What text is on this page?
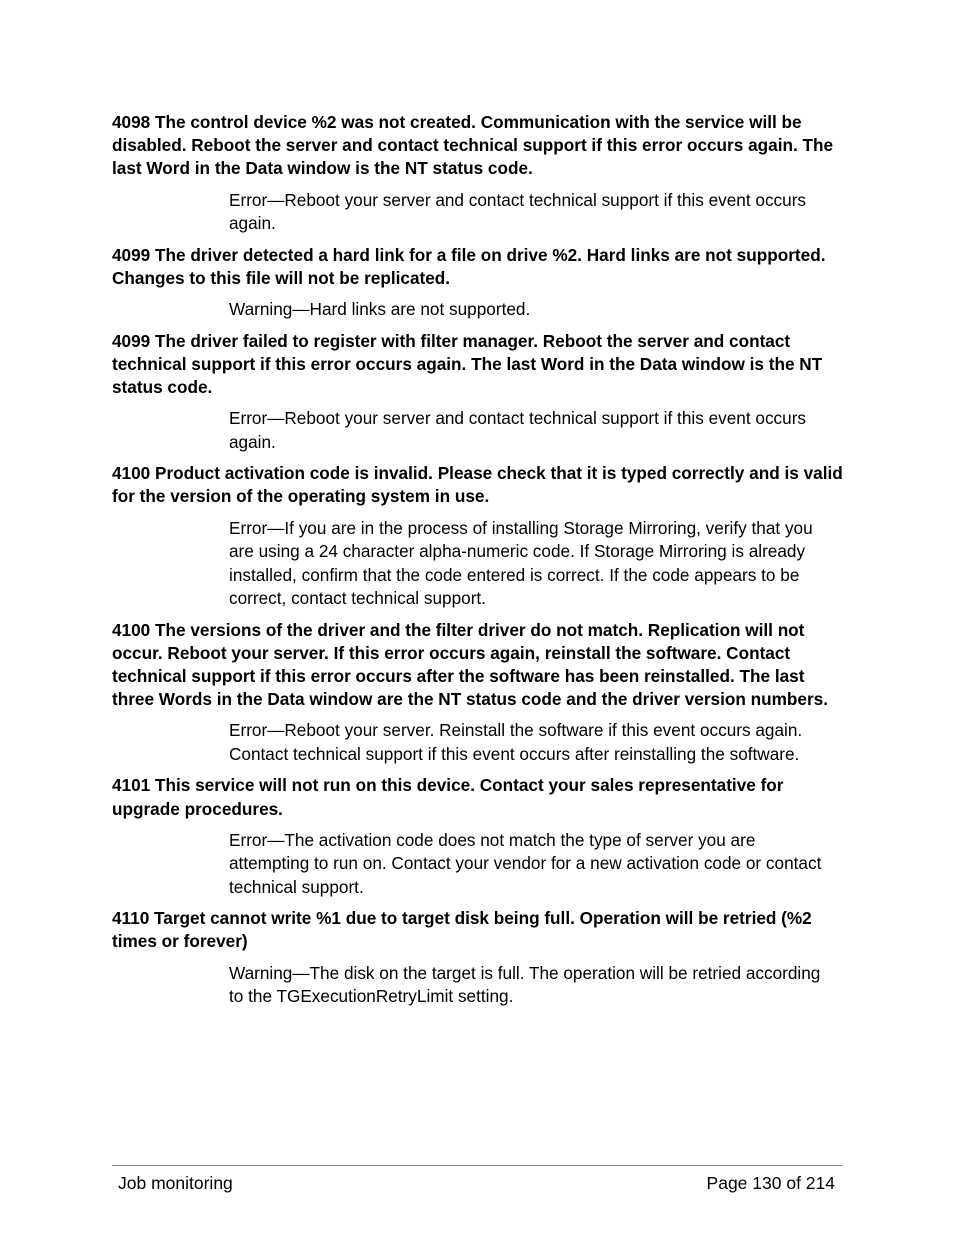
4098 The control device %2 was not created. Communication with the service will be disabled. Reboot the server and contact technical support if this error occurs again. The last Word in the Data window is the NT status code.

Error—Reboot your server and contact technical support if this event occurs again.

4099 The driver detected a hard link for a file on drive %2. Hard links are not supported. Changes to this file will not be replicated.

Warning—Hard links are not supported.

4099 The driver failed to register with filter manager. Reboot the server and contact technical support if this error occurs again. The last Word in the Data window is the NT status code.

Error—Reboot your server and contact technical support if this event occurs again.

4100 Product activation code is invalid. Please check that it is typed correctly and is valid for the version of the operating system in use.

Error—If you are in the process of installing Storage Mirroring, verify that you are using a 24 character alpha-numeric code. If Storage Mirroring is already installed, confirm that the code entered is correct. If the code appears to be correct, contact technical support.

4100 The versions of the driver and the filter driver do not match. Replication will not occur. Reboot your server. If this error occurs again, reinstall the software. Contact technical support if this error occurs after the software has been reinstalled. The last three Words in the Data window are the NT status code and the driver version numbers.

Error—Reboot your server. Reinstall the software if this event occurs again. Contact technical support if this event occurs after reinstalling the software.

4101 This service will not run on this device. Contact your sales representative for upgrade procedures.

Error—The activation code does not match the type of server you are attempting to run on. Contact your vendor for a new activation code or contact technical support.

4110 Target cannot write %1 due to target disk being full. Operation will be retried (%2 times or forever)

Warning—The disk on the target is full. The operation will be retried according to the TGExecutionRetryLimit setting.

Job monitoring	Page 130 of 214
